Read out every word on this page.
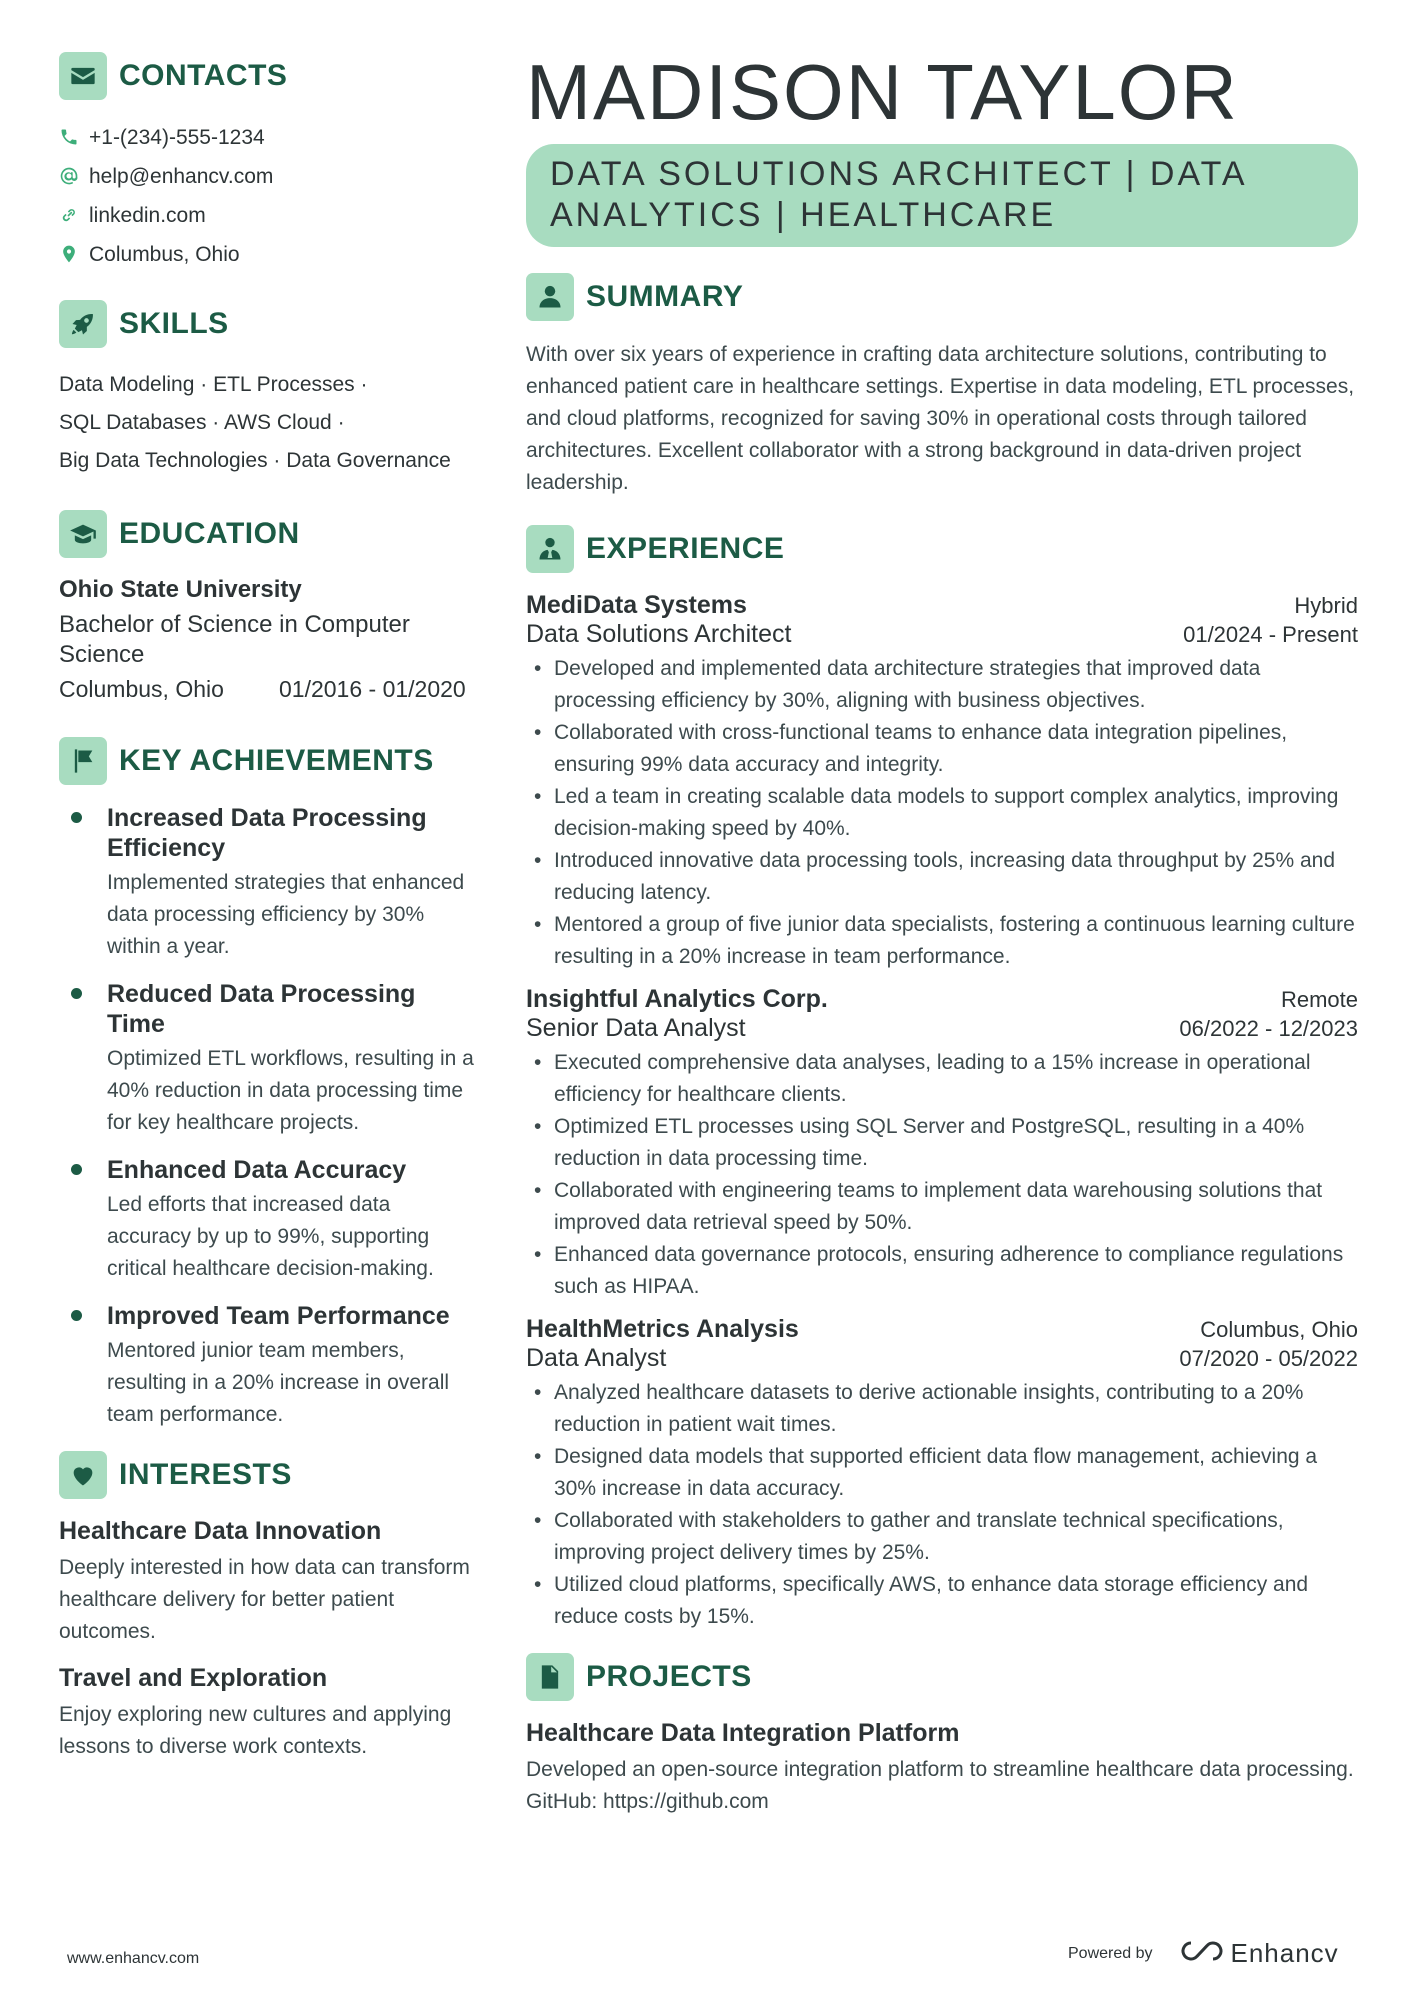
CONTACTS
+1-(234)-555-1234
help@enhancv.com
linkedin.com
Columbus, Ohio
SKILLS
Data Modeling · ETL Processes ·
SQL Databases · AWS Cloud ·
Big Data Technologies · Data Governance
EDUCATION
Ohio State University
Bachelor of Science in Computer Science
Columbus, Ohio	01/2016 - 01/2020
KEY ACHIEVEMENTS
Increased Data Processing Efficiency
Implemented strategies that enhanced data processing efficiency by 30% within a year.
Reduced Data Processing Time
Optimized ETL workflows, resulting in a 40% reduction in data processing time for key healthcare projects.
Enhanced Data Accuracy
Led efforts that increased data accuracy by up to 99%, supporting critical healthcare decision-making.
Improved Team Performance
Mentored junior team members, resulting in a 20% increase in overall team performance.
INTERESTS
Healthcare Data Innovation
Deeply interested in how data can transform healthcare delivery for better patient outcomes.
Travel and Exploration
Enjoy exploring new cultures and applying lessons to diverse work contexts.
MADISON TAYLOR
DATA SOLUTIONS ARCHITECT | DATA ANALYTICS | HEALTHCARE
SUMMARY
With over six years of experience in crafting data architecture solutions, contributing to enhanced patient care in healthcare settings. Expertise in data modeling, ETL processes, and cloud platforms, recognized for saving 30% in operational costs through tailored architectures. Excellent collaborator with a strong background in data-driven project leadership.
EXPERIENCE
MediData Systems	Hybrid
Data Solutions Architect	01/2024 - Present
• Developed and implemented data architecture strategies that improved data processing efficiency by 30%, aligning with business objectives.
• Collaborated with cross-functional teams to enhance data integration pipelines, ensuring 99% data accuracy and integrity.
• Led a team in creating scalable data models to support complex analytics, improving decision-making speed by 40%.
• Introduced innovative data processing tools, increasing data throughput by 25% and reducing latency.
• Mentored a group of five junior data specialists, fostering a continuous learning culture resulting in a 20% increase in team performance.
Insightful Analytics Corp.	Remote
Senior Data Analyst	06/2022 - 12/2023
• Executed comprehensive data analyses, leading to a 15% increase in operational efficiency for healthcare clients.
• Optimized ETL processes using SQL Server and PostgreSQL, resulting in a 40% reduction in data processing time.
• Collaborated with engineering teams to implement data warehousing solutions that improved data retrieval speed by 50%.
• Enhanced data governance protocols, ensuring adherence to compliance regulations such as HIPAA.
HealthMetrics Analysis	Columbus, Ohio
Data Analyst	07/2020 - 05/2022
• Analyzed healthcare datasets to derive actionable insights, contributing to a 20% reduction in patient wait times.
• Designed data models that supported efficient data flow management, achieving a 30% increase in data accuracy.
• Collaborated with stakeholders to gather and translate technical specifications, improving project delivery times by 25%.
• Utilized cloud platforms, specifically AWS, to enhance data storage efficiency and reduce costs by 15%.
PROJECTS
Healthcare Data Integration Platform
Developed an open-source integration platform to streamline healthcare data processing. GitHub: https://github.com
www.enhancv.com	Powered by	Enhancv
